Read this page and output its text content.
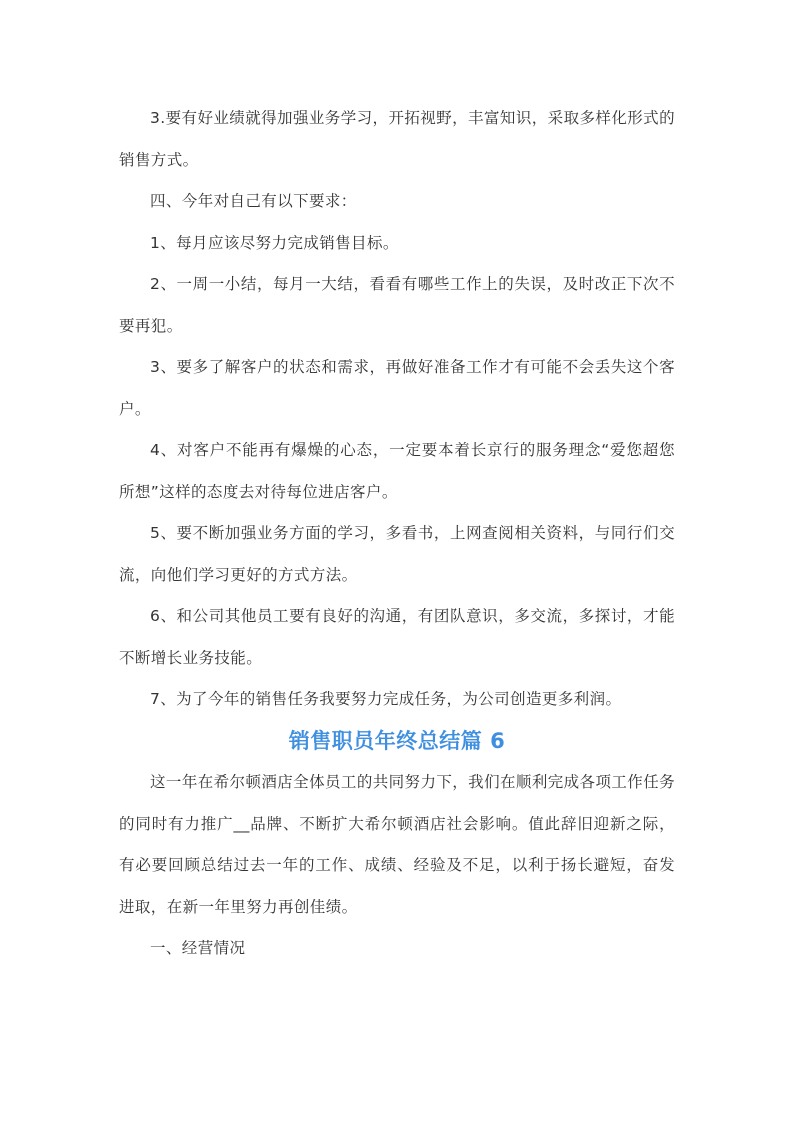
3.要有好业绩就得加强业务学习，开拓视野，丰富知识，采取多样化形式的销售方式。

四、今年对自己有以下要求：

1、每月应该尽努力完成销售目标。

2、一周一小结，每月一大结，看看有哪些工作上的失误，及时改正下次不要再犯。

3、要多了解客户的状态和需求，再做好准备工作才有可能不会丢失这个客户。

4、对客户不能再有爆燥的心态，一定要本着长京行的服务理念“爱您超您所想”这样的态度去对待每位进店客户。

5、要不断加强业务方面的学习，多看书，上网查阅相关资料，与同行们交流，向他们学习更好的方式方法。

6、和公司其他员工要有良好的沟通，有团队意识，多交流，多探讨，才能不断增长业务技能。

7、为了今年的销售任务我要努力完成任务，为公司创造更多利润。

销售职员年终总结篇 6

这一年在希尔顿酒店全体员工的共同努力下，我们在顺利完成各项工作任务的同时有力推广__品牌、不断扩大希尔顿酒店社会影响。值此辞旧迎新之际，有必要回顾总结过去一年的工作、成绩、经验及不足，以利于扬长避短，奋发进取，在新一年里努力再创佳绩。

一、经营情况
